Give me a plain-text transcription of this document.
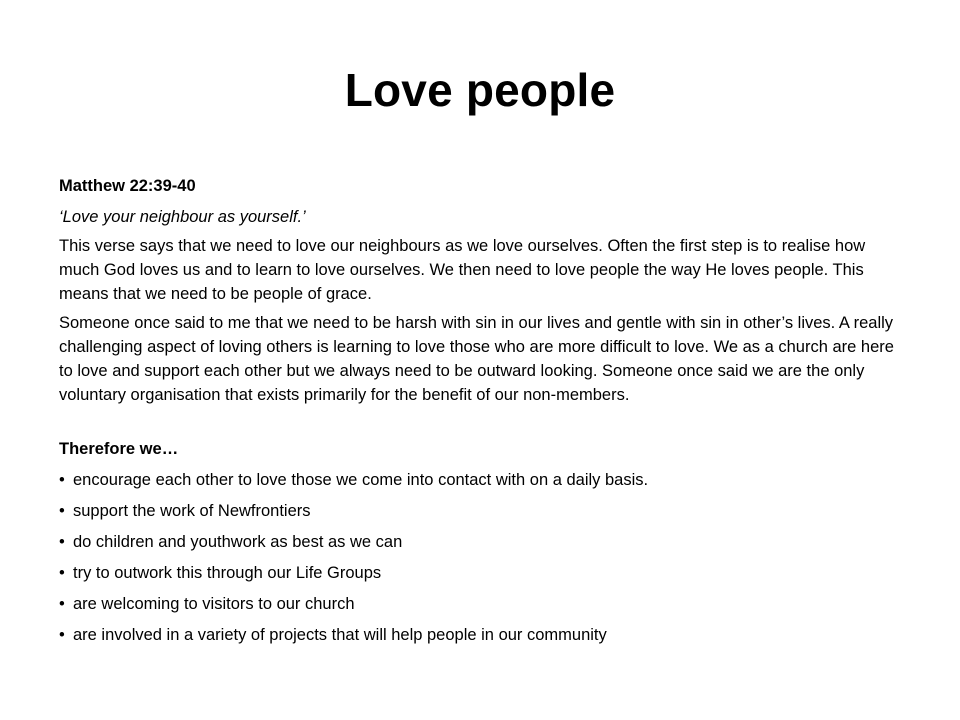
Love people

Matthew 22:39-40

‘Love your neighbour as yourself.’

This verse says that we need to love our neighbours as we love ourselves. Often the first step is to realise how much God loves us and to learn to love ourselves. We then need to love people the way He loves people. This means that we need to be people of grace.

Someone once said to me that we need to be harsh with sin in our lives and gentle with sin in other’s lives. A really challenging aspect of loving others is learning to love those who are more difficult to love. We as a church are here to love and support each other but we always need to be outward looking. Someone once said we are the only voluntary organisation that exists primarily for the benefit of our non-members.

Therefore we…

• encourage each other to love those we come into contact with on a daily basis.
• support the work of Newfrontiers
• do children and youthwork as best as we can
• try to outwork this through our Life Groups
• are welcoming to visitors to our church
• are involved in a variety of projects that will help people in our community
